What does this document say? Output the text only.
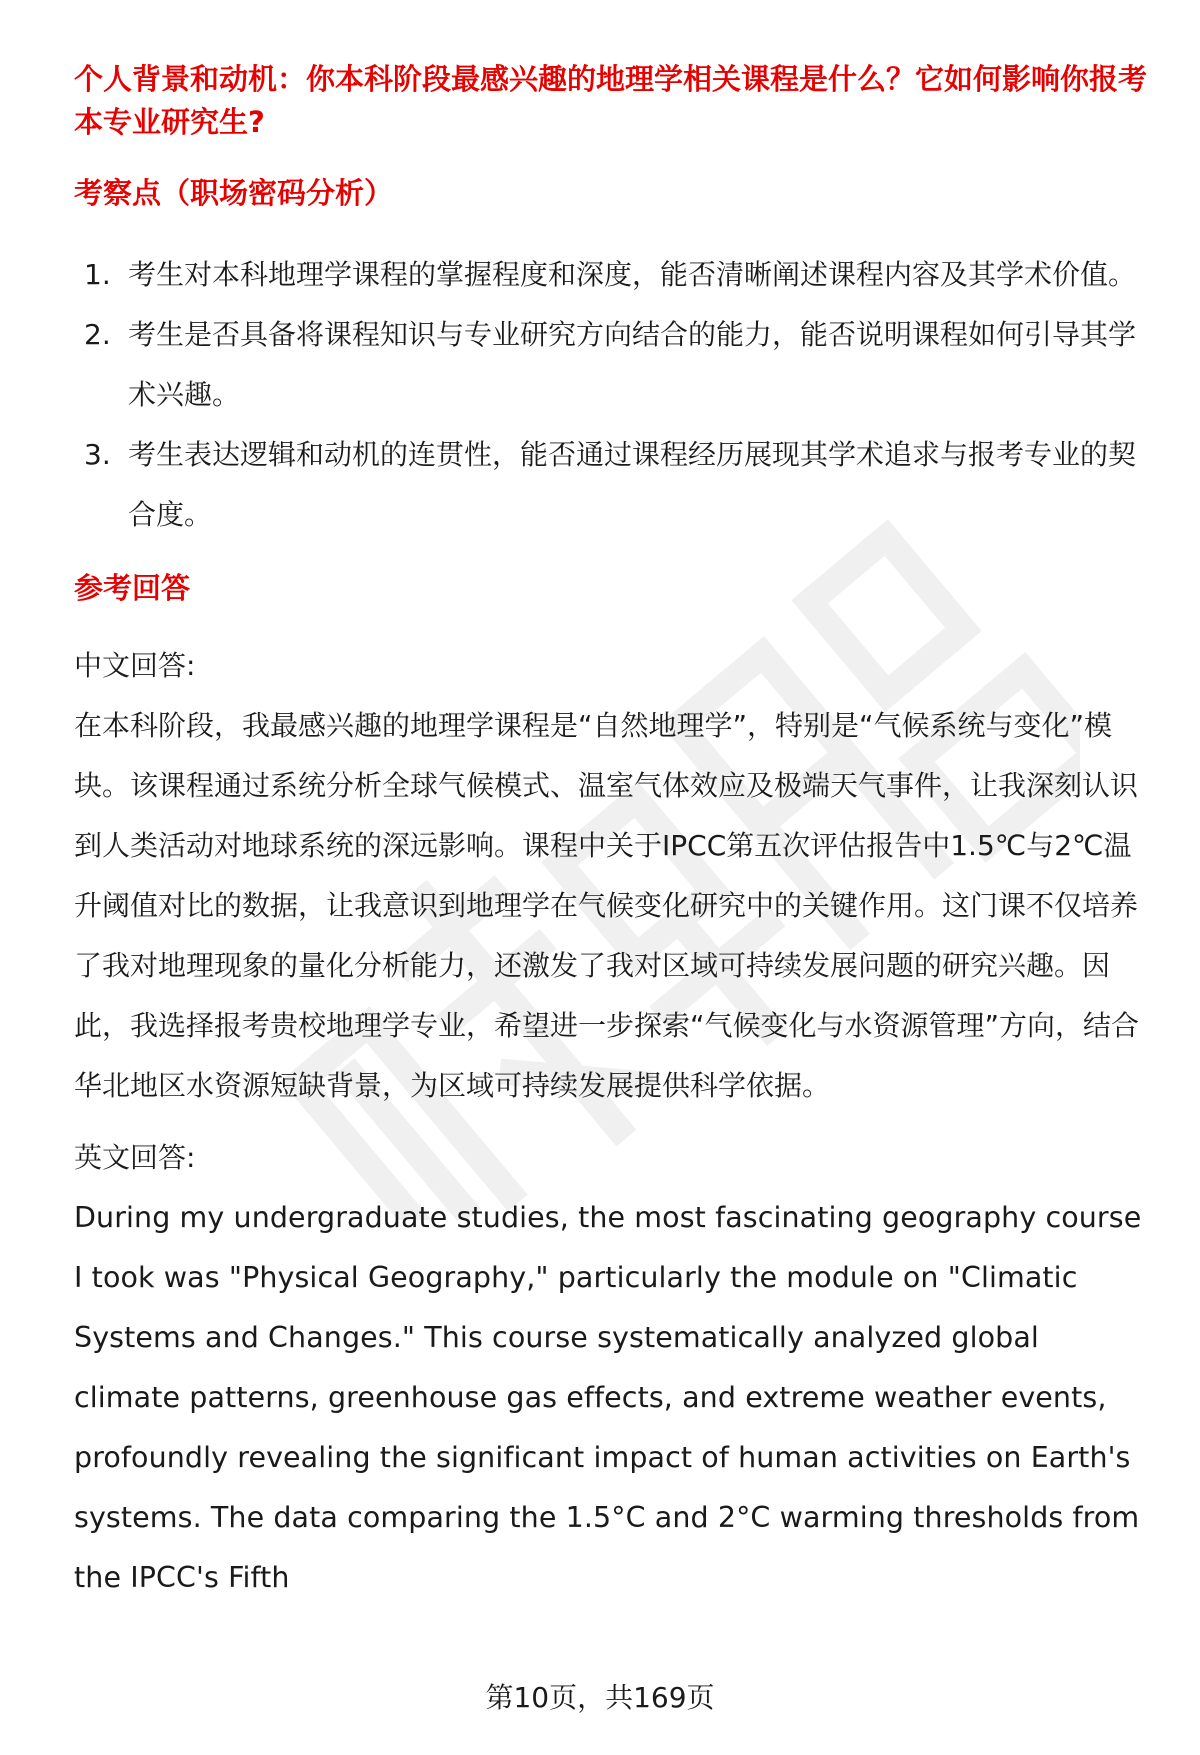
个人背景和动机：你本科阶段最感兴趣的地理学相关课程是什么？它如何影响你报考本专业研究生?
考察点（职场密码分析）
1. 考生对本科地理学课程的掌握程度和深度，能否清晰阐述课程内容及其学术价值。
2. 考生是否具备将课程知识与专业研究方向结合的能力，能否说明课程如何引导其学术兴趣。
3. 考生表达逻辑和动机的连贯性，能否通过课程经历展现其学术追求与报考专业的契合度。
参考回答

中文回答:

在本科阶段，我最感兴趣的地理学课程是“自然地理学”，特别是“气候系统与变化”模块。该课程通过系统分析全球气候模式、温室气体效应及极端天气事件，让我深刻认识到人类活动对地球系统的深远影响。课程中关于IPCC第五次评估报告中1.5℃与2℃温升阈值对比的数据，让我意识到地理学在气候变化研究中的关键作用。这门课不仅培养了我对地理现象的量化分析能力，还激发了我对区域可持续发展问题的研究兴趣。因此，我选择报考贵校地理学专业，希望进一步探索“气候变化与水资源管理”方向，结合华北地区水资源短缺背景，为区域可持续发展提供科学依据。

英文回答:

During my undergraduate studies, the most fascinating geography course I took was "Physical Geography," particularly the module on "Climatic Systems and Changes." This course systematically analyzed global climate patterns, greenhouse gas effects, and extreme weather events, profoundly revealing the significant impact of human activities on Earth's systems. The data comparing the 1.5°C and 2°C warming thresholds from the IPCC's Fifth

第10页，共169页
